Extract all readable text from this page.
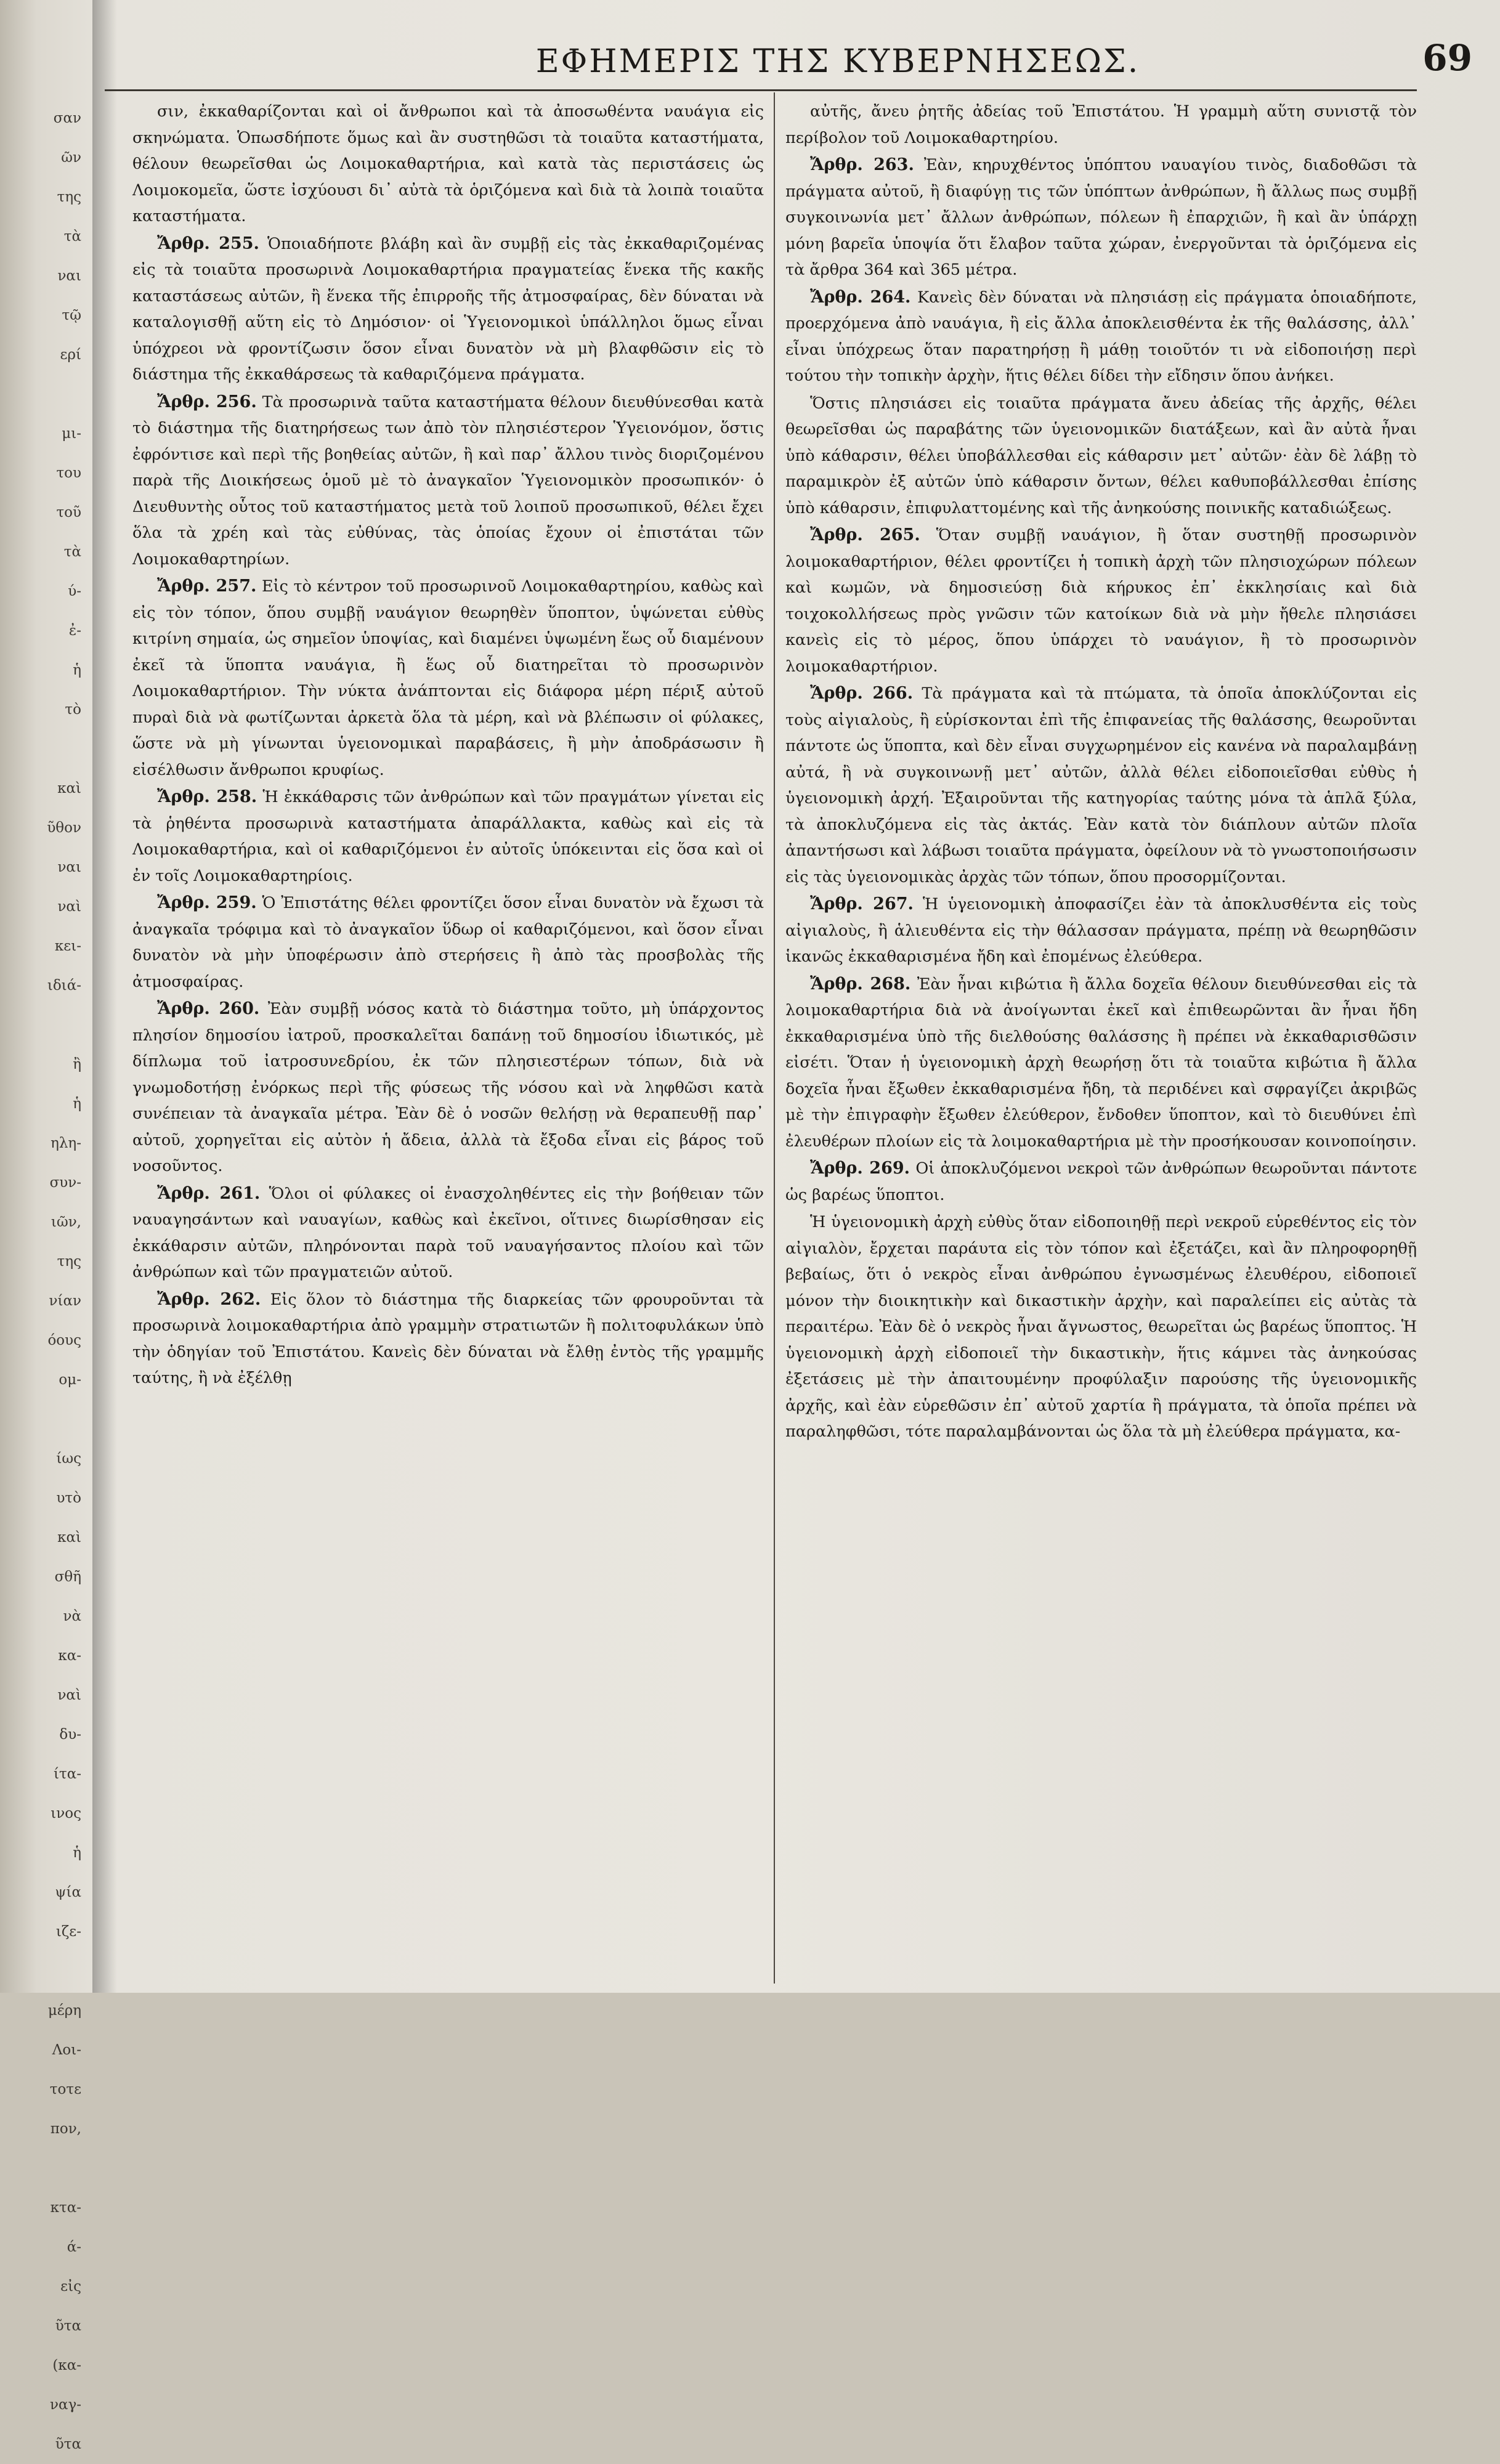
σαν
ῶν
της
τὰ
ναι
τῷ
ερί
μι-
του
τοῦ
τὰ
ύ-
ἐ-
ἡ
τὸ
καὶ
ῦθον
ναι
ναὶ
κει-
ιδιά-
ἢ
ἡ
ηλη-
συν-
ιῶν,
της
νίαν
όους
ομ-
ίως
υτὸ
καὶ
σθῆ
νὰ
κα-
ναὶ
δυ-
ίτα-
ινος
ἡ
ψία
ιζε-
μέρη
Λοι-
τοτε
πον,
κτα-
ά-
εἰς
ῦτα
(κα-
ναγ-
ῦτα
ΕΦΗΜΕΡΙΣ ΤΗΣ ΚΥΒΕΡΝΗΣΕΩΣ.	69

σιν, ἐκκαθαρίζονται καὶ οἱ ἄνθρωποι καὶ τὰ ἀποσωθέντα ναυάγια εἰς σκηνώματα. Ὁπωσδήποτε ὅμως καὶ ἂν συστηθῶσι τὰ τοιαῦτα καταστήματα, θέλουν θεωρεῖσθαι ὡς Λοιμοκαθαρτήρια, καὶ κατὰ τὰς περιστάσεις ὡς Λοιμοκομεῖα, ὥστε ἰσχύουσι δι᾽ αὐτὰ τὰ ὁριζόμενα καὶ διὰ τὰ λοιπὰ τοιαῦτα καταστήματα.

Ἄρθρ. 255. Ὁποιαδήποτε βλάβη καὶ ἂν συμβῇ εἰς τὰς ἐκκαθαριζομένας εἰς τὰ τοιαῦτα προσωρινὰ Λοιμοκαθαρτήρια πραγματείας ἕνεκα τῆς κακῆς καταστάσεως αὐτῶν, ἢ ἕνεκα τῆς ἐπιρροῆς τῆς ἀτμοσφαίρας, δὲν δύναται νὰ καταλογισθῇ αὕτη εἰς τὸ Δημόσιον· οἱ Ὑγειονομικοὶ ὑπάλληλοι ὅμως εἶναι ὑπόχρεοι νὰ φροντίζωσιν ὅσον εἶναι δυνατὸν νὰ μὴ βλαφθῶσιν εἰς τὸ διάστημα τῆς ἐκκαθάρσεως τὰ καθαριζόμενα πράγματα.

Ἄρθρ. 256. Τὰ προσωρινὰ ταῦτα καταστήματα θέλουν διευθύνεσθαι κατὰ τὸ διάστημα τῆς διατηρήσεως των ἀπὸ τὸν πλησιέστερον Ὑγειονόμον, ὅστις ἐφρόντισε καὶ περὶ τῆς βοηθείας αὐτῶν, ἢ καὶ παρ᾽ ἄλλου τινὸς διοριζομένου παρὰ τῆς Διοικήσεως ὁμοῦ μὲ τὸ ἀναγκαῖον Ὑγειονομικὸν προσωπικόν· ὁ Διευθυντὴς οὗτος τοῦ καταστήματος μετὰ τοῦ λοιποῦ προσωπικοῦ, θέλει ἔχει ὅλα τὰ χρέη καὶ τὰς εὐθύνας, τὰς ὁποίας ἔχουν οἱ ἐπιστάται τῶν Λοιμοκαθαρτηρίων.

Ἄρθρ. 257. Εἰς τὸ κέντρον τοῦ προσωρινοῦ Λοιμοκαθαρτηρίου, καθὼς καὶ εἰς τὸν τόπον, ὅπου συμβῇ ναυάγιον θεωρηθὲν ὕποπτον, ὑψώνεται εὐθὺς κιτρίνη σημαία, ὡς σημεῖον ὑποψίας, καὶ διαμένει ὑψωμένη ἕως οὗ διαμένουν ἐκεῖ τὰ ὕποπτα ναυάγια, ἢ ἕως οὗ διατηρεῖται τὸ προσωρινὸν Λοιμοκαθαρτήριον. Τὴν νύκτα ἀνάπτονται εἰς διάφορα μέρη πέριξ αὐτοῦ πυραὶ διὰ νὰ φωτίζωνται ἀρκετὰ ὅλα τὰ μέρη, καὶ νὰ βλέπωσιν οἱ φύλακες, ὥστε νὰ μὴ γίνωνται ὑγειονομικαὶ παραβάσεις, ἢ μὴν ἀποδράσωσιν ἢ εἰσέλθωσιν ἄνθρωποι κρυφίως.

Ἄρθρ. 258. Ἡ ἐκκάθαρσις τῶν ἀνθρώπων καὶ τῶν πραγμάτων γίνεται εἰς τὰ ῥηθέντα προσωρινὰ καταστήματα ἀπαράλλακτα, καθὼς καὶ εἰς τὰ Λοιμοκαθαρτήρια, καὶ οἱ καθαριζόμενοι ἐν αὐτοῖς ὑπόκεινται εἰς ὅσα καὶ οἱ ἐν τοῖς Λοιμοκαθαρτηρίοις.

Ἄρθρ. 259. Ὁ Ἐπιστάτης θέλει φροντίζει ὅσον εἶναι δυνατὸν νὰ ἔχωσι τὰ ἀναγκαῖα τρόφιμα καὶ τὸ ἀναγκαῖον ὕδωρ οἱ καθαριζόμενοι, καὶ ὅσον εἶναι δυνατὸν νὰ μὴν ὑποφέρωσιν ἀπὸ στερήσεις ἢ ἀπὸ τὰς προσβολὰς τῆς ἀτμοσφαίρας.

Ἄρθρ. 260. Ἐὰν συμβῇ νόσος κατὰ τὸ διάστημα τοῦτο, μὴ ὑπάρχοντος πλησίον δημοσίου ἰατροῦ, προσκαλεῖται δαπάνῃ τοῦ δημοσίου ἰδιωτικός, μὲ δίπλωμα τοῦ ἰατροσυνεδρίου, ἐκ τῶν πλησιεστέρων τόπων, διὰ νὰ γνωμοδοτήσῃ ἐνόρκως περὶ τῆς φύσεως τῆς νόσου καὶ νὰ ληφθῶσι κατὰ συνέπειαν τὰ ἀναγκαῖα μέτρα. Ἐὰν δὲ ὁ νοσῶν θελήσῃ νὰ θεραπευθῇ παρ᾽ αὐτοῦ, χορηγεῖται εἰς αὐτὸν ἡ ἄδεια, ἀλλὰ τὰ ἔξοδα εἶναι εἰς βάρος τοῦ νοσοῦντος.

Ἄρθρ. 261. Ὅλοι οἱ φύλακες οἱ ἐνασχοληθέντες εἰς τὴν βοήθειαν τῶν ναυαγησάντων καὶ ναυαγίων, καθὼς καὶ ἐκεῖνοι, οἵτινες διωρίσθησαν εἰς ἐκκάθαρσιν αὐτῶν, πληρόνονται παρὰ τοῦ ναυαγήσαντος πλοίου καὶ τῶν ἀνθρώπων καὶ τῶν πραγματειῶν αὐτοῦ.

Ἄρθρ. 262. Εἰς ὅλον τὸ διάστημα τῆς διαρκείας τῶν φρουροῦνται τὰ προσωρινὰ λοιμοκαθαρτήρια ἀπὸ γραμμὴν στρατιωτῶν ἢ πολιτοφυλάκων ὑπὸ τὴν ὁδηγίαν τοῦ Ἐπιστάτου. Κανεὶς δὲν δύναται νὰ ἔλθῃ ἐντὸς τῆς γραμμῆς ταύτης, ἢ νὰ ἐξέλθῃ

αὐτῆς, ἄνευ ῥητῆς ἀδείας τοῦ Ἐπιστάτου. Ἡ γραμμὴ αὕτη συνιστᾷ τὸν περίβολον τοῦ Λοιμοκαθαρτηρίου.

Ἄρθρ. 263. Ἐὰν, κηρυχθέντος ὑπόπτου ναυαγίου τινὸς, διαδοθῶσι τὰ πράγματα αὐτοῦ, ἢ διαφύγῃ τις τῶν ὑπόπτων ἀνθρώπων, ἢ ἄλλως πως συμβῇ συγκοινωνία μετ᾽ ἄλλων ἀνθρώπων, πόλεων ἢ ἐπαρχιῶν, ἢ καὶ ἂν ὑπάρχῃ μόνη βαρεῖα ὑποψία ὅτι ἔλαβον ταῦτα χώραν, ἐνεργοῦνται τὰ ὁριζόμενα εἰς τὰ ἄρθρα 364 καὶ 365 μέτρα.

Ἄρθρ. 264. Κανεὶς δὲν δύναται νὰ πλησιάσῃ εἰς πράγματα ὁποιαδήποτε, προερχόμενα ἀπὸ ναυάγια, ἢ εἰς ἄλλα ἀποκλεισθέντα ἐκ τῆς θαλάσσης, ἀλλ᾽ εἶναι ὑπόχρεως ὅταν παρατηρήσῃ ἢ μάθῃ τοιοῦτόν τι νὰ εἰδοποιήσῃ περὶ τούτου τὴν τοπικὴν ἀρχὴν, ἥτις θέλει δίδει τὴν εἴδησιν ὅπου ἀνήκει.

Ὅστις πλησιάσει εἰς τοιαῦτα πράγματα ἄνευ ἀδείας τῆς ἀρχῆς, θέλει θεωρεῖσθαι ὡς παραβάτης τῶν ὑγειονομικῶν διατάξεων, καὶ ἂν αὐτὰ ἦναι ὑπὸ κάθαρσιν, θέλει ὑποβάλλεσθαι εἰς κάθαρσιν μετ᾽ αὐτῶν· ἐὰν δὲ λάβῃ τὸ παραμικρὸν ἐξ αὐτῶν ὑπὸ κάθαρσιν ὄντων, θέλει καθυποβάλλεσθαι ἐπίσης ὑπὸ κάθαρσιν, ἐπιφυλαττομένης καὶ τῆς ἀνηκούσης ποινικῆς καταδιώξεως.

Ἄρθρ. 265. Ὅταν συμβῇ ναυάγιον, ἢ ὅταν συστηθῇ προσωρινὸν λοιμοκαθαρτήριον, θέλει φροντίζει ἡ τοπικὴ ἀρχὴ τῶν πλησιοχώρων πόλεων καὶ κωμῶν, νὰ δημοσιεύσῃ διὰ κήρυκος ἐπ᾽ ἐκκλησίαις καὶ διὰ τοιχοκολλήσεως πρὸς γνῶσιν τῶν κατοίκων διὰ νὰ μὴν ἤθελε πλησιάσει κανεὶς εἰς τὸ μέρος, ὅπου ὑπάρχει τὸ ναυάγιον, ἢ τὸ προσωρινὸν λοιμοκαθαρτήριον.

Ἄρθρ. 266. Τὰ πράγματα καὶ τὰ πτώματα, τὰ ὁποῖα ἀποκλύζονται εἰς τοὺς αἰγιαλοὺς, ἢ εὑρίσκονται ἐπὶ τῆς ἐπιφανείας τῆς θαλάσσης, θεωροῦνται πάντοτε ὡς ὕποπτα, καὶ δὲν εἶναι συγχωρημένον εἰς κανένα νὰ παραλαμβάνῃ αὐτά, ἢ νὰ συγκοινωνῇ μετ᾽ αὐτῶν, ἀλλὰ θέλει εἰδοποιεῖσθαι εὐθὺς ἡ ὑγειονομικὴ ἀρχή. Ἐξαιροῦνται τῆς κατηγορίας ταύτης μόνα τὰ ἁπλᾶ ξύλα, τὰ ἀποκλυζόμενα εἰς τὰς ἀκτάς. Ἐὰν κατὰ τὸν διάπλουν αὐτῶν πλοῖα ἀπαντήσωσι καὶ λάβωσι τοιαῦτα πράγματα, ὀφείλουν νὰ τὸ γνωστοποιήσωσιν εἰς τὰς ὑγειονομικὰς ἀρχὰς τῶν τόπων, ὅπου προσορμίζονται.

Ἄρθρ. 267. Ἡ ὑγειονομικὴ ἀποφασίζει ἐὰν τὰ ἀποκλυσθέντα εἰς τοὺς αἰγιαλοὺς, ἢ ἁλιευθέντα εἰς τὴν θάλασσαν πράγματα, πρέπῃ νὰ θεωρηθῶσιν ἱκανῶς ἐκκαθαρισμένα ἤδη καὶ ἐπομένως ἐλεύθερα.

Ἄρθρ. 268. Ἐὰν ἦναι κιβώτια ἢ ἄλλα δοχεῖα θέλουν διευθύνεσθαι εἰς τὰ λοιμοκαθαρτήρια διὰ νὰ ἀνοίγωνται ἐκεῖ καὶ ἐπιθεωρῶνται ἂν ἦναι ἤδη ἐκκαθαρισμένα ὑπὸ τῆς διελθούσης θαλάσσης ἢ πρέπει νὰ ἐκκαθαρισθῶσιν εἰσέτι. Ὅταν ἡ ὑγειονομικὴ ἀρχὴ θεωρήσῃ ὅτι τὰ τοιαῦτα κιβώτια ἢ ἄλλα δοχεῖα ἦναι ἔξωθεν ἐκκαθαρισμένα ἤδη, τὰ περιδένει καὶ σφραγίζει ἀκριβῶς μὲ τὴν ἐπιγραφὴν ἔξωθεν ἐλεύθερον, ἔνδοθεν ὕποπτον, καὶ τὸ διευθύνει ἐπὶ ἐλευθέρων πλοίων εἰς τὰ λοιμοκαθαρτήρια μὲ τὴν προσήκουσαν κοινοποίησιν.

Ἄρθρ. 269. Οἱ ἀποκλυζόμενοι νεκροὶ τῶν ἀνθρώπων θεωροῦνται πάντοτε ὡς βαρέως ὕποπτοι.

Ἡ ὑγειονομικὴ ἀρχὴ εὐθὺς ὅταν εἰδοποιηθῇ περὶ νεκροῦ εὑρεθέντος εἰς τὸν αἰγιαλὸν, ἔρχεται παράυτα εἰς τὸν τόπον καὶ ἐξετάζει, καὶ ἂν πληροφορηθῇ βεβαίως, ὅτι ὁ νεκρὸς εἶναι ἀνθρώπου ἐγνωσμένως ἐλευθέρου, εἰδοποιεῖ μόνον τὴν διοικητικὴν καὶ δικαστικὴν ἀρχὴν, καὶ παραλείπει εἰς αὐτὰς τὰ περαιτέρω. Ἐὰν δὲ ὁ νεκρὸς ἦναι ἄγνωστος, θεωρεῖται ὡς βαρέως ὕποπτος. Ἡ ὑγειονομικὴ ἀρχὴ εἰδοποιεῖ τὴν δικαστικὴν, ἥτις κάμνει τὰς ἀνηκούσας ἐξετάσεις μὲ τὴν ἀπαιτουμένην προφύλαξιν παρούσης τῆς ὑγειονομικῆς ἀρχῆς, καὶ ἐὰν εὑρεθῶσιν ἐπ᾽ αὐτοῦ χαρτία ἢ πράγματα, τὰ ὁποῖα πρέπει νὰ παραληφθῶσι, τότε παραλαμβάνονται ὡς ὅλα τὰ μὴ ἐλεύθερα πράγματα, κα-
